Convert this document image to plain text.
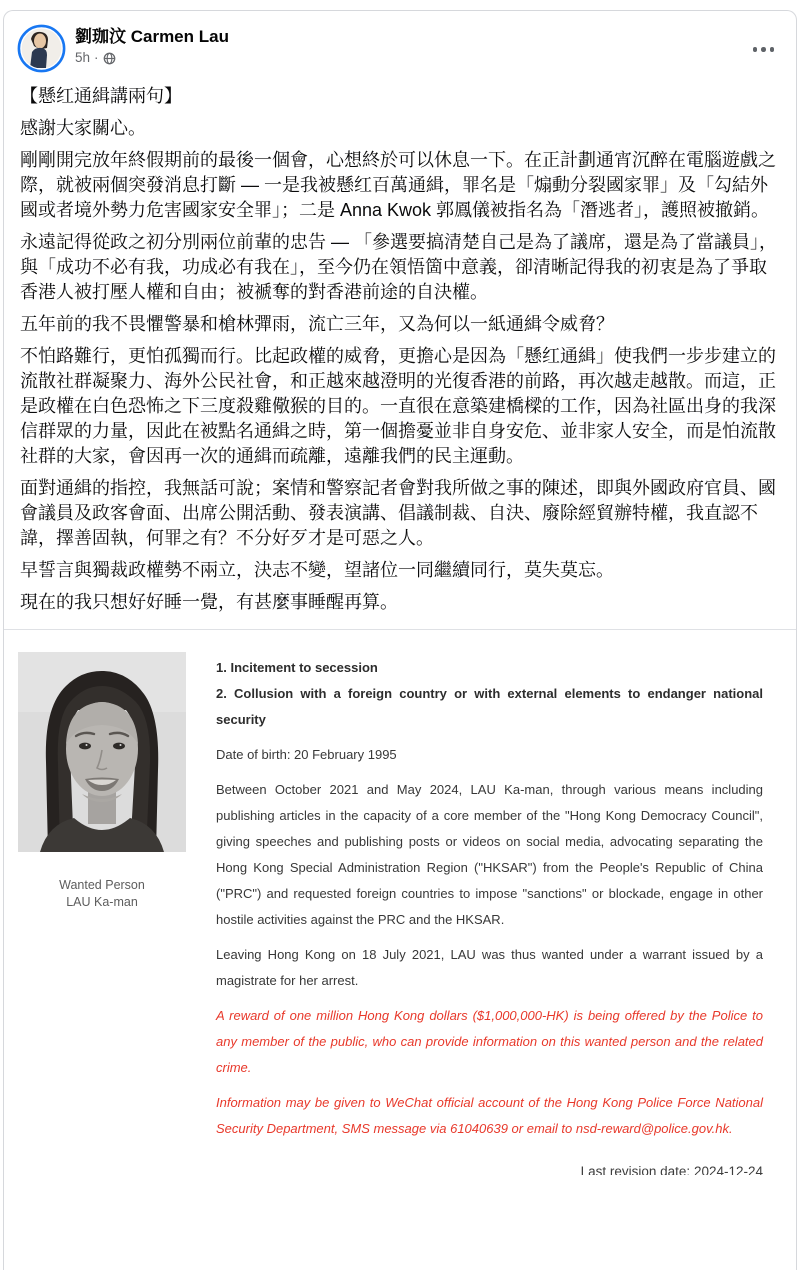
劉珈汶 Carmen Lau
5h ·

【懸红通緝講兩句】

感謝大家關心。

剛剛開完放年終假期前的最後一個會，心想終於可以休息一下。在正計劃通宵沉醉在電腦遊戲之際，就被兩個突發消息打斷 — 一是我被懸红百萬通緝，罪名是「煽動分裂國家罪」及「勾結外國或者境外勢力危害國家安全罪」；二是 Anna Kwok 郭鳳儀被指名為「潛逃者」，護照被撤銷。

永遠記得從政之初分別兩位前輩的忠告 — 「參選要搞清楚自己是為了議席，還是為了當議員」，與「成功不必有我，功成必有我在」，至今仍在領悟箇中意義，卻清晰記得我的初衷是為了爭取香港人被打壓人權和自由；被褫奪的對香港前途的自決權。

五年前的我不畏懼警暴和槍林彈雨，流亡三年，又為何以一紙通緝令威脅？

不怕路難行，更怕孤獨而行。比起政權的威脅，更擔心是因為「懸红通緝」使我們一步步建立的流散社群凝聚力、海外公民社會，和正越來越澄明的光復香港的前路，再次越走越散。而這，正是政權在白色恐怖之下三度殺雞儆猴的目的。一直很在意築建橋樑的工作，因為社區出身的我深信群眾的力量，因此在被點名通緝之時，第一個擔憂並非自身安危、並非家人安全，而是怕流散社群的大家，會因再一次的通緝而疏離，遠離我們的民主運動。

面對通緝的指控，我無話可說；案情和警察記者會對我所做之事的陳述，即與外國政府官員、國會議員及政客會面、出席公開活動、發表演講、倡議制裁、自決、廢除經貿辦特權，我直認不諱，擇善固執，何罪之有？不分好歹才是可惡之人。

早誓言與獨裁政權勢不兩立，決志不變，望諸位一同繼續同行，莫失莫忘。

現在的我只想好好睡一覺，有甚麼事睡醒再算。

Wanted Person
LAU Ka-man

1. Incitement to secession

2. Collusion with a foreign country or with external elements to endanger national security

Date of birth: 20 February 1995

Between October 2021 and May 2024, LAU Ka-man, through various means including publishing articles in the capacity of a core member of the "Hong Kong Democracy Council", giving speeches and publishing posts or videos on social media, advocating separating the Hong Kong Special Administration Region ("HKSAR") from the People's Republic of China ("PRC") and requested foreign countries to impose "sanctions" or blockade, engage in other hostile activities against the PRC and the HKSAR.

Leaving Hong Kong on 18 July 2021, LAU was thus wanted under a warrant issued by a magistrate for her arrest.

A reward of one million Hong Kong dollars ($1,000,000-HK) is being offered by the Police to any member of the public, who can provide information on this wanted person and the related crime.

Information may be given to WeChat official account of the Hong Kong Police Force National Security Department, SMS message via 61040639 or email to nsd-reward@police.gov.hk.

Last revision date: 2024-12-24
